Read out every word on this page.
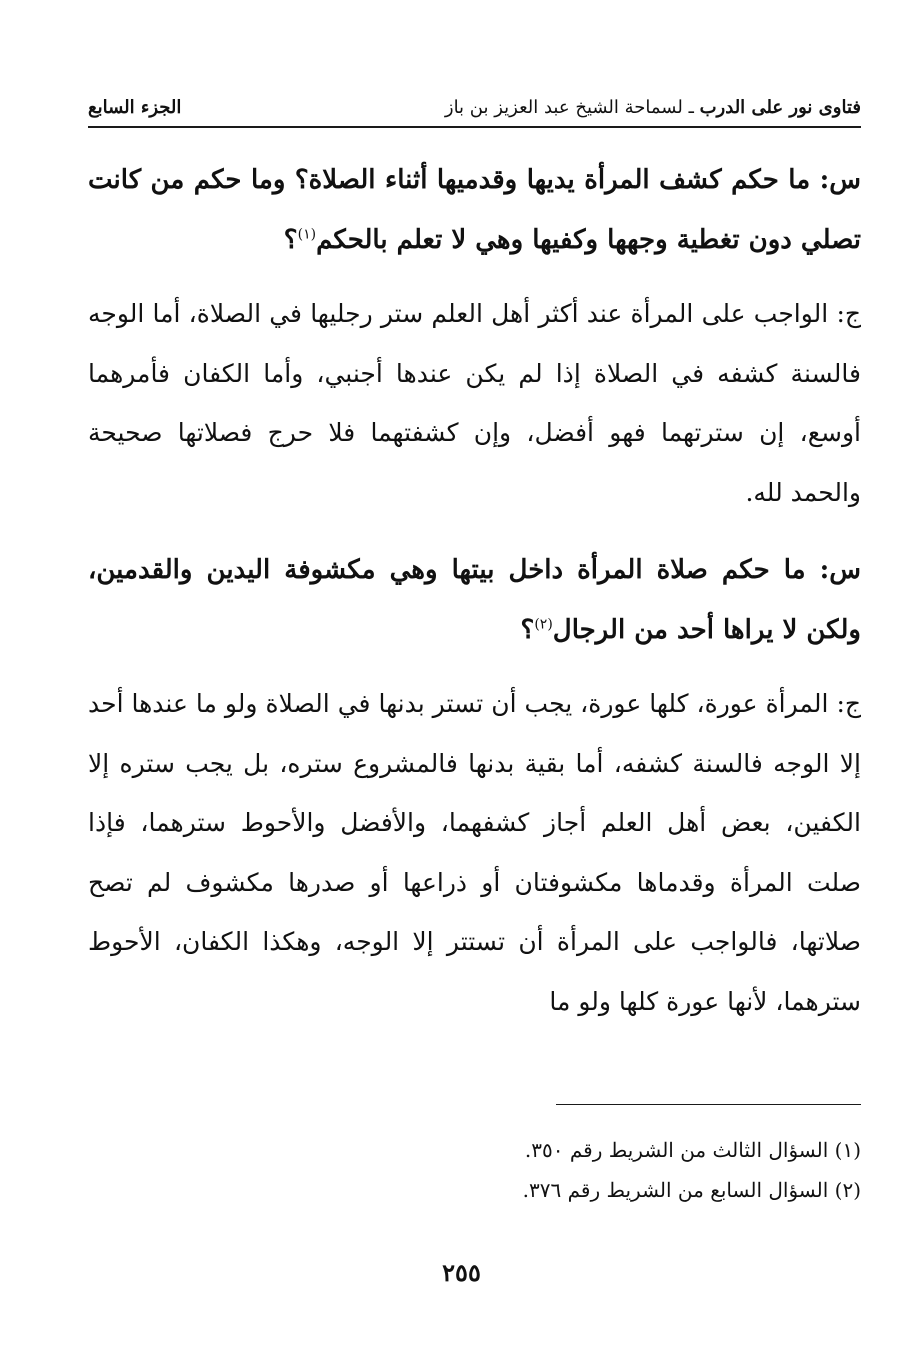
فتاوى نور على الدرب ـ لسماحة الشيخ عبد العزيز بن باز
الجزء السابع
س: ما حكم كشف المرأة يديها وقدميها أثناء الصلاة؟ وما حكم من كانت تصلي دون تغطية وجهها وكفيها وهي لا تعلم بالحكم$^{(١)}$؟
ج: الواجب على المرأة عند أكثر أهل العلم ستر رجليها في الصلاة، أما الوجه فالسنة كشفه في الصلاة إذا لم يكن عندها أجنبي، وأما الكفان فأمرهما أوسع، إن سترتهما فهو أفضل، وإن كشفتهما فلا حرج فصلاتها صحيحة والحمد لله.
س: ما حكم صلاة المرأة داخل بيتها وهي مكشوفة اليدين والقدمين، ولكن لا يراها أحد من الرجال$^{(٢)}$؟
ج: المرأة عورة، كلها عورة، يجب أن تستر بدنها في الصلاة ولو ما عندها أحد إلا الوجه فالسنة كشفه، أما بقية بدنها فالمشروع ستره، بل يجب ستره إلا الكفين، بعض أهل العلم أجاز كشفهما، والأفضل والأحوط سترهما، فإذا صلت المرأة وقدماها مكشوفتان أو ذراعها أو صدرها مكشوف لم تصح صلاتها، فالواجب على المرأة أن تستتر إلا الوجه، وهكذا الكفان، الأحوط سترهما، لأنها عورة كلها ولو ما
(١) السؤال الثالث من الشريط رقم ٣٥٠.
(٢) السؤال السابع من الشريط رقم ٣٧٦.
٢٥٥
